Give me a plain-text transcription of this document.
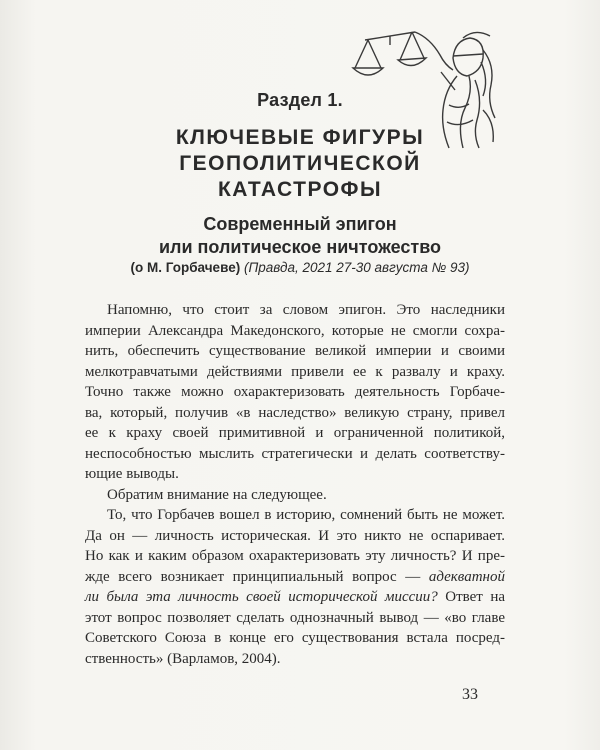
Раздел 1.
КЛЮЧЕВЫЕ ФИГУРЫ
ГЕОПОЛИТИЧЕСКОЙ
КАТАСТРОФЫ
Современный эпигон
или политическое ничтожество
(о М. Горбачеве) (Правда, 2021 27-30 августа № 93)
Напомню, что стоит за словом эпигон. Это наследники
империи Александра Македонского, которые не смогли сохра-
нить, обеспечить существование великой империи и своими
мелкотравчатыми действиями привели ее к развалу и краху.
Точно также можно охарактеризовать деятельность Горбаче-
ва, который, получив «в наследство» великую страну, привел
ее к краху своей примитивной и ограниченной политикой,
неспособностью мыслить стратегически и делать соответству-
ющие выводы.
Обратим внимание на следующее.
То, что Горбачев вошел в историю, сомнений быть не может.
Да он — личность историческая. И это никто не оспаривает.
Но как и каким образом охарактеризовать эту личность? И пре-
жде всего возникает принципиальный вопрос — адекватной
ли была эта личность своей исторической миссии? Ответ на
этот вопрос позволяет сделать однозначный вывод — «во главе
Советского Союза в конце его существования встала посред-
ственность» (Варламов, 2004).
33
